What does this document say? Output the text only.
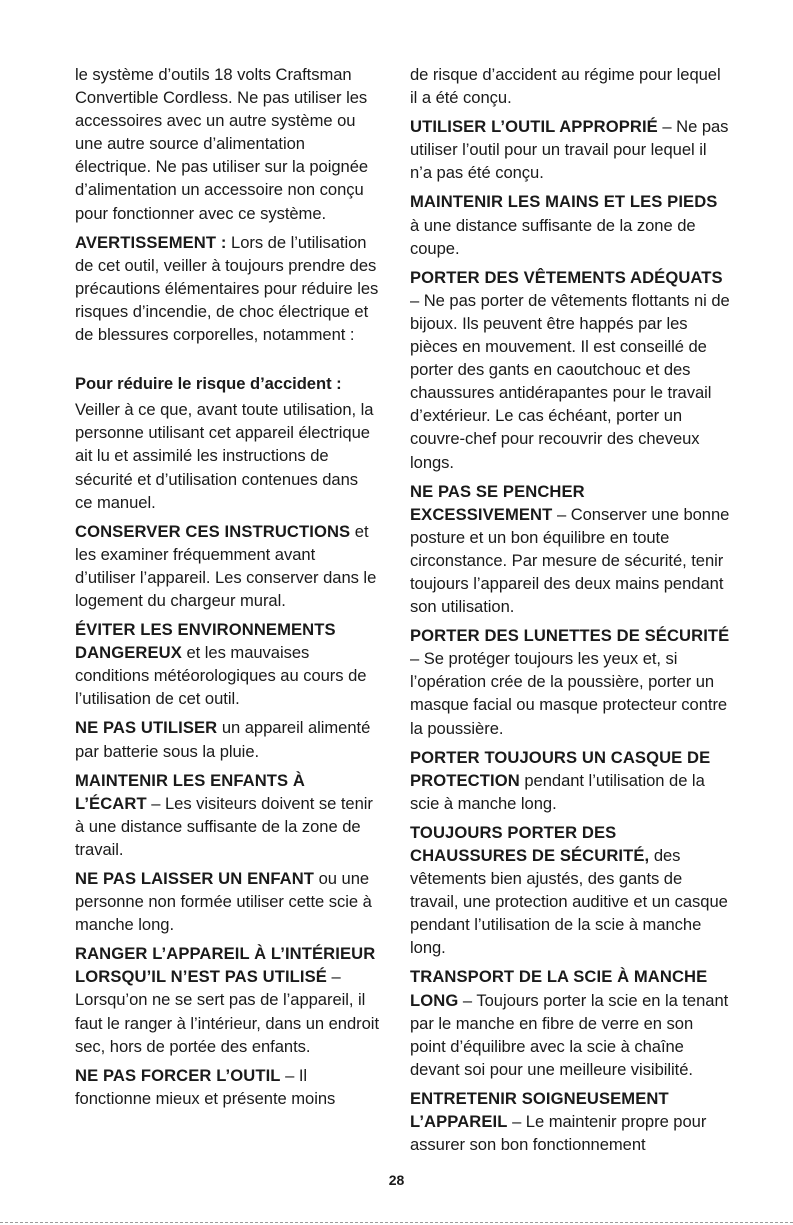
le système d’outils 18 volts Craftsman Convertible Cordless. Ne pas utiliser les accessoires avec un autre système ou une autre source d’alimentation électrique. Ne pas utiliser sur la poignée d’alimentation un accessoire non conçu pour fonctionner avec ce système.

AVERTISSEMENT : Lors de l’utilisation de cet outil, veiller à toujours prendre des précautions élémentaires pour réduire les risques d’incendie, de choc électrique et de blessures corporelles, notamment :

Pour réduire le risque d’accident :

Veiller à ce que, avant toute utilisation, la personne utilisant cet appareil électrique ait lu et assimilé les instructions de sécurité et d’utilisation contenues dans ce manuel.

CONSERVER CES INSTRUCTIONS et les examiner fréquemment avant d’utiliser l’appareil. Les conserver dans le logement du chargeur mural.

ÉVITER LES ENVIRONNEMENTS DANGEREUX et les mauvaises conditions météorologiques au cours de l’utilisation de cet outil.

NE PAS UTILISER un appareil alimenté par batterie sous la pluie.

MAINTENIR LES ENFANTS À L’ÉCART – Les visiteurs doivent se tenir à une distance suffisante de la zone de travail.

NE PAS LAISSER UN ENFANT ou une personne non formée utiliser cette scie à manche long.

RANGER L’APPAREIL À L’INTÉRIEUR LORSQU’IL N’EST PAS UTILISÉ – Lorsqu’on ne se sert pas de l’appareil, il faut le ranger à l’intérieur, dans un endroit sec, hors de portée des enfants.

NE PAS FORCER L’OUTIL – Il fonctionne mieux et présente moins

de risque d’accident au régime pour lequel il a été conçu.

UTILISER L’OUTIL APPROPRIÉ – Ne pas utiliser l’outil pour un travail pour lequel il n’a pas été conçu.

MAINTENIR LES MAINS ET LES PIEDS à une distance suffisante de la zone de coupe.

PORTER DES VÊTEMENTS ADÉQUATS – Ne pas porter de vêtements flottants ni de bijoux. Ils peuvent être happés par les pièces en mouvement. Il est conseillé de porter des gants en caoutchouc et des chaussures antidérapantes pour le travail d’extérieur. Le cas échéant, porter un couvre-chef pour recouvrir des cheveux longs.

NE PAS SE PENCHER EXCESSIVEMENT – Conserver une bonne posture et un bon équilibre en toute circonstance. Par mesure de sécurité, tenir toujours l’appareil des deux mains pendant son utilisation.

PORTER DES LUNETTES DE SÉCURITÉ – Se protéger toujours les yeux et, si l’opération crée de la poussière, porter un masque facial ou masque protecteur contre la poussière.

PORTER TOUJOURS UN CASQUE DE PROTECTION pendant l’utilisation de la scie à manche long.

TOUJOURS PORTER DES CHAUSSURES DE SÉCURITÉ, des vêtements bien ajustés, des gants de travail, une protection auditive et un casque pendant l’utilisation de la scie à manche long.

TRANSPORT DE LA SCIE À MANCHE LONG – Toujours porter la scie en la tenant par le manche en fibre de verre en son point d’équilibre avec la scie à chaîne devant soi pour une meilleure visibilité.

ENTRETENIR SOIGNEUSEMENT L’APPAREIL – Le maintenir propre pour assurer son bon fonctionnement

28
